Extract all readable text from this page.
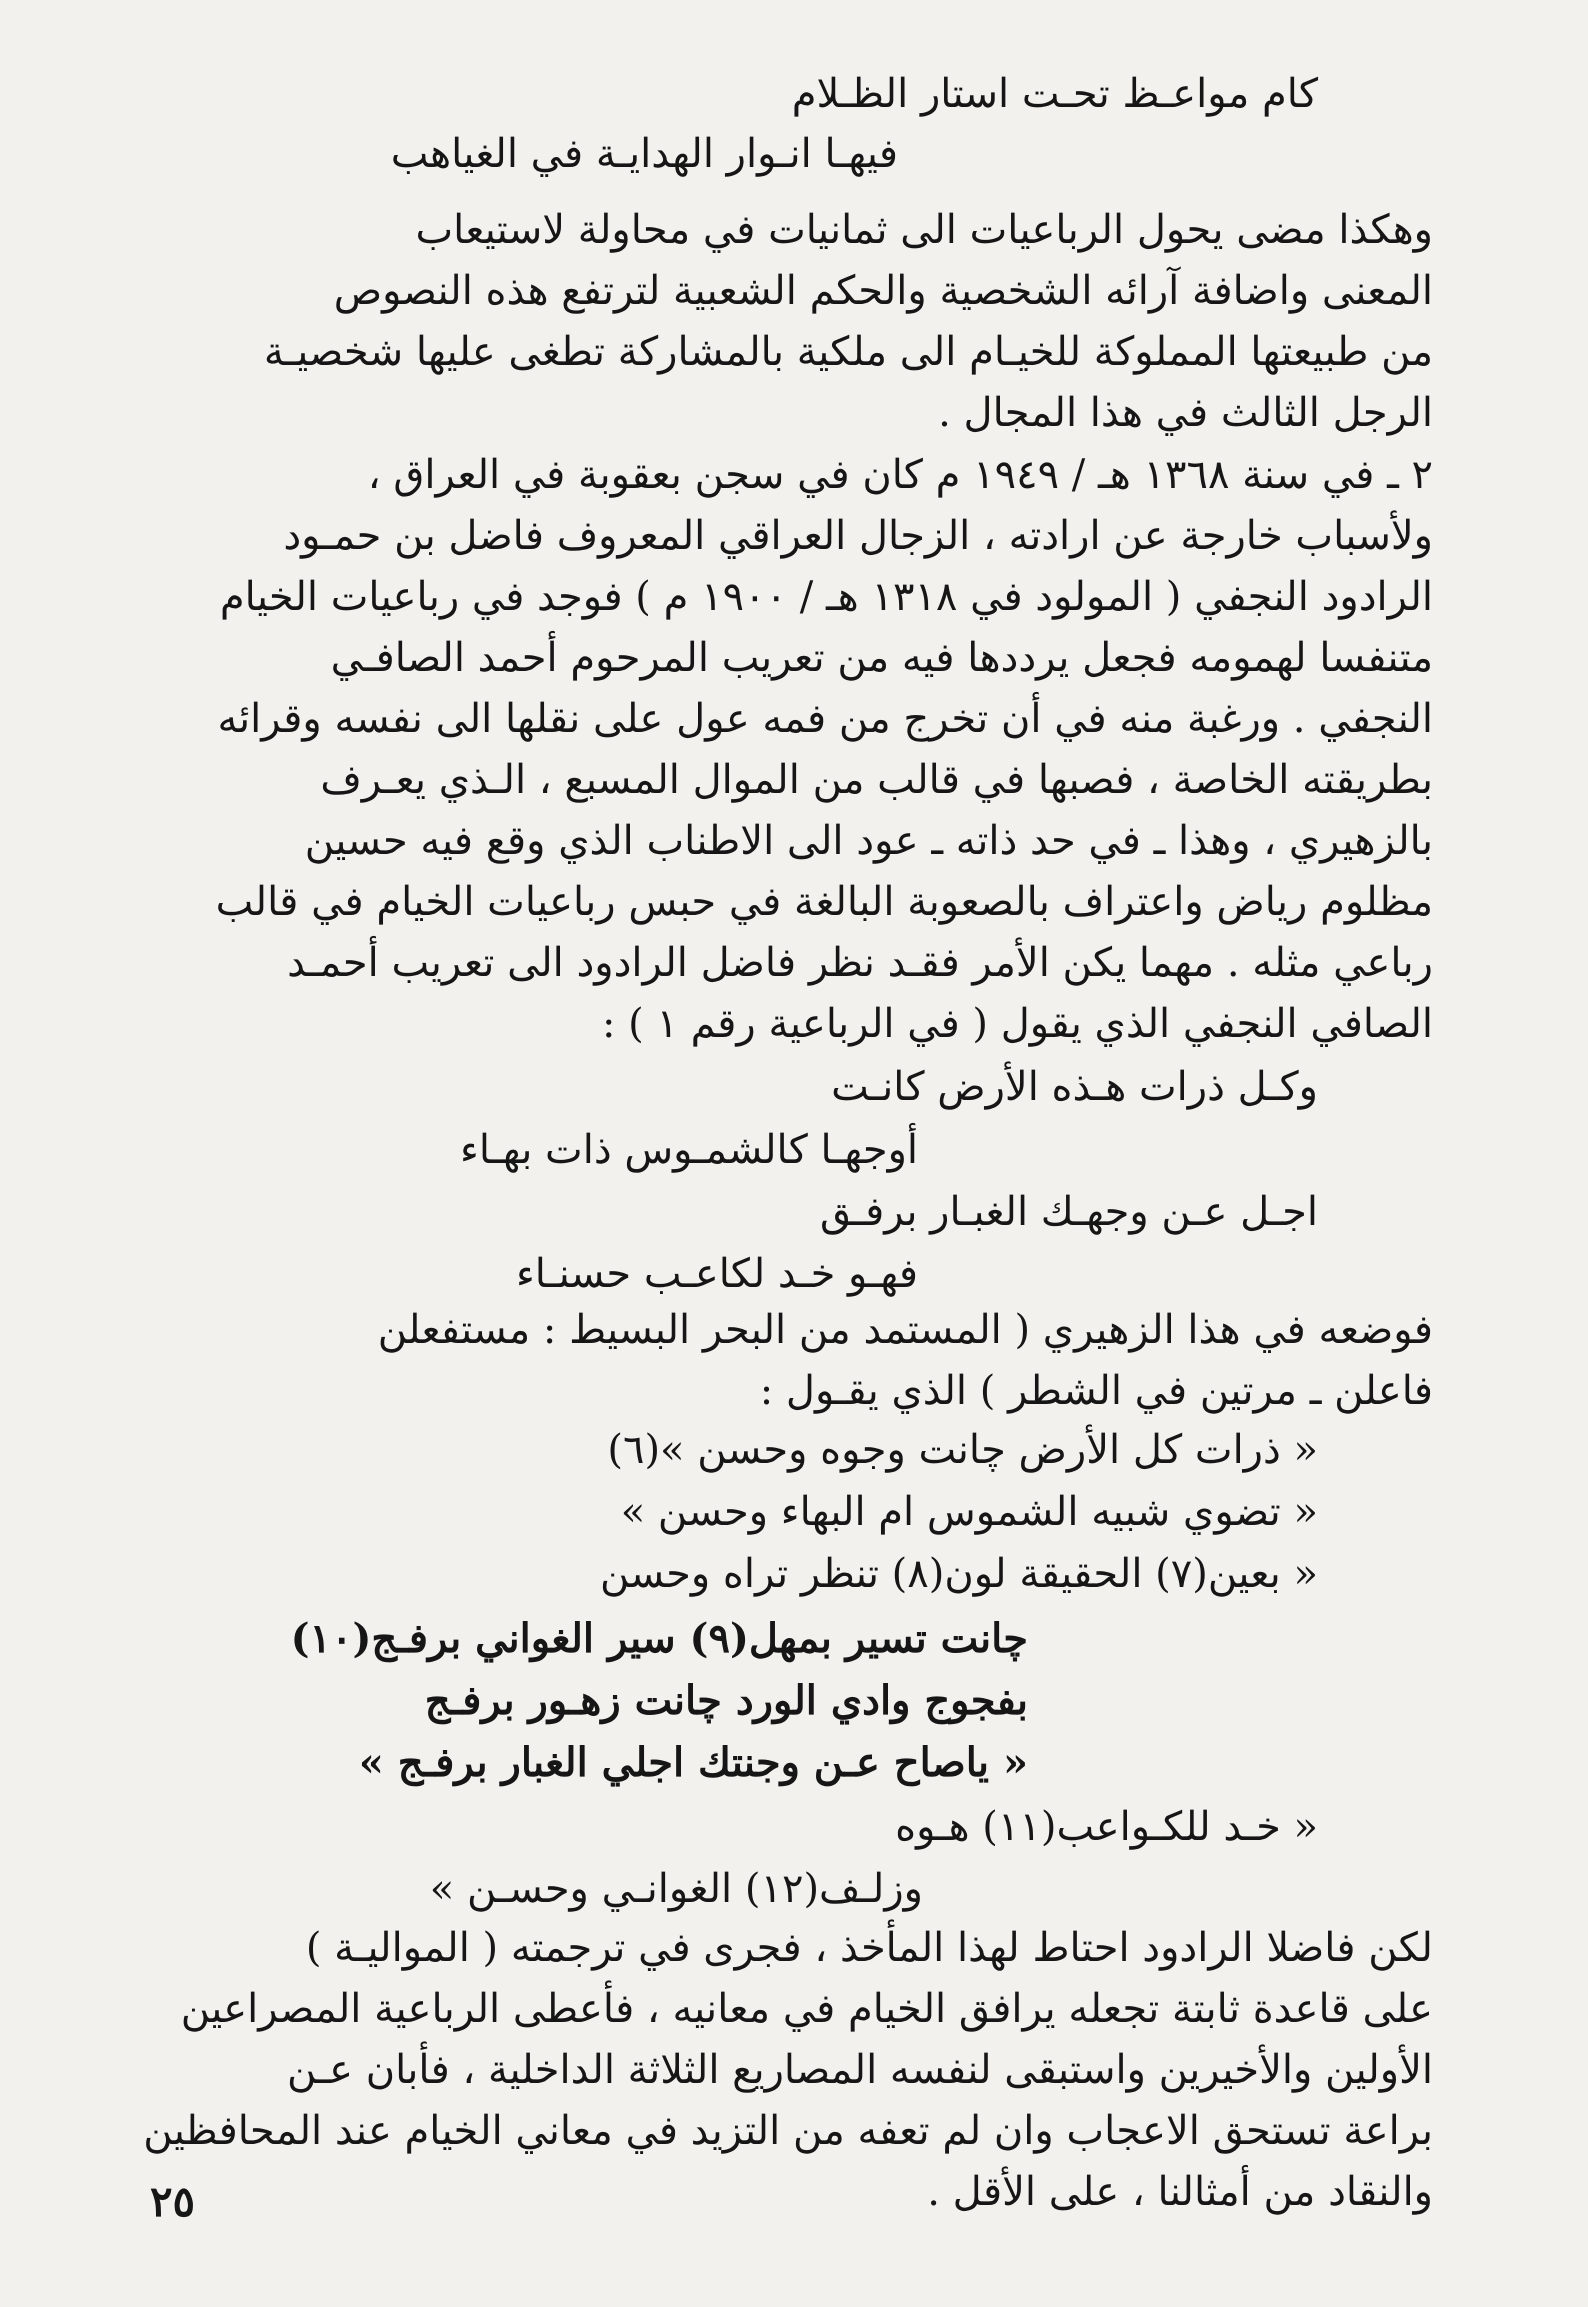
كام مواعـظ تحـت استار الظـلام
فيهـا انـوار الهدايـة في الغياهب
وهكذا مضى يحول الرباعيات الى ثمانيات في محاولة لاستيعاب
المعنى واضافة آرائه الشخصية والحكم الشعبية لترتفع هذه النصوص
من طبيعتها المملوكة للخيـام الى ملكية بالمشاركة تطغى عليها شخصيـة
الرجل الثالث في هذا المجال .
٢ ـ في سنة ١٣٦٨ هـ / ١٩٤٩ م كان في سجن بعقوبة في العراق ،
ولأسباب خارجة عن ارادته ، الزجال العراقي المعروف فاضل بن حمـود
الرادود النجفي ( المولود في ١٣١٨ هـ / ١٩٠٠ م ) فوجد في رباعيات الخيام
متنفسا لهمومه فجعل يرددها فيه من تعريب المرحوم أحمد الصافـي
النجفي . ورغبة منه في أن تخرج من فمه عول على نقلها الى نفسه وقرائه
بطريقته الخاصة ، فصبها في قالب من الموال المسبع ، الـذي يعـرف
بالزهيري ، وهذا ـ في حد ذاته ـ عود الى الاطناب الذي وقع فيه حسين
مظلوم رياض واعتراف بالصعوبة البالغة في حبس رباعيات الخيام في قالب
رباعي مثله . مهما يكن الأمر فقـد نظر فاضل الرادود الى تعريب أحمـد
الصافي النجفي الذي يقول ( في الرباعية رقم ١ ) :
وكـل ذرات هـذه الأرض كانـت
أوجهـا كالشمـوس ذات بهـاء
اجـل عـن وجهـك الغبـار برفـق
فهـو خـد لكاعـب حسنـاء
فوضعه في هذا الزهيري ( المستمد من البحر البسيط : مستفعلن
فاعلن ـ مرتين في الشطر ) الذي يقـول :
« ذرات كل الأرض چانت وجوه وحسن »(٦)
« تضوي شبيه الشموس ام البهاء وحسن »
« بعين(٧) الحقيقة لون(٨) تنظر تراه وحسن
چانت تسير بمهل(٩) سير الغواني برفـج(١٠)
بفجوج وادي الورد چانت زهـور برفـج
« ياصاح عـن وجنتك اجلي الغبار برفـج »
« خـد للكـواعب(١١) هـوه
وزلـف(١٢) الغوانـي وحسـن »
لكن فاضلا الرادود احتاط لهذا المأخذ ، فجرى في ترجمته ( المواليـة )
على قاعدة ثابتة تجعله يرافق الخيام في معانيه ، فأعطى الرباعية المصراعين
الأولين والأخيرين واستبقى لنفسه المصاريع الثلاثة الداخلية ، فأبان عـن
براعة تستحق الاعجاب وان لم تعفه من التزيد في معاني الخيام عند المحافظين
والنقاد من أمثالنا ، على الأقل .
٢٥
